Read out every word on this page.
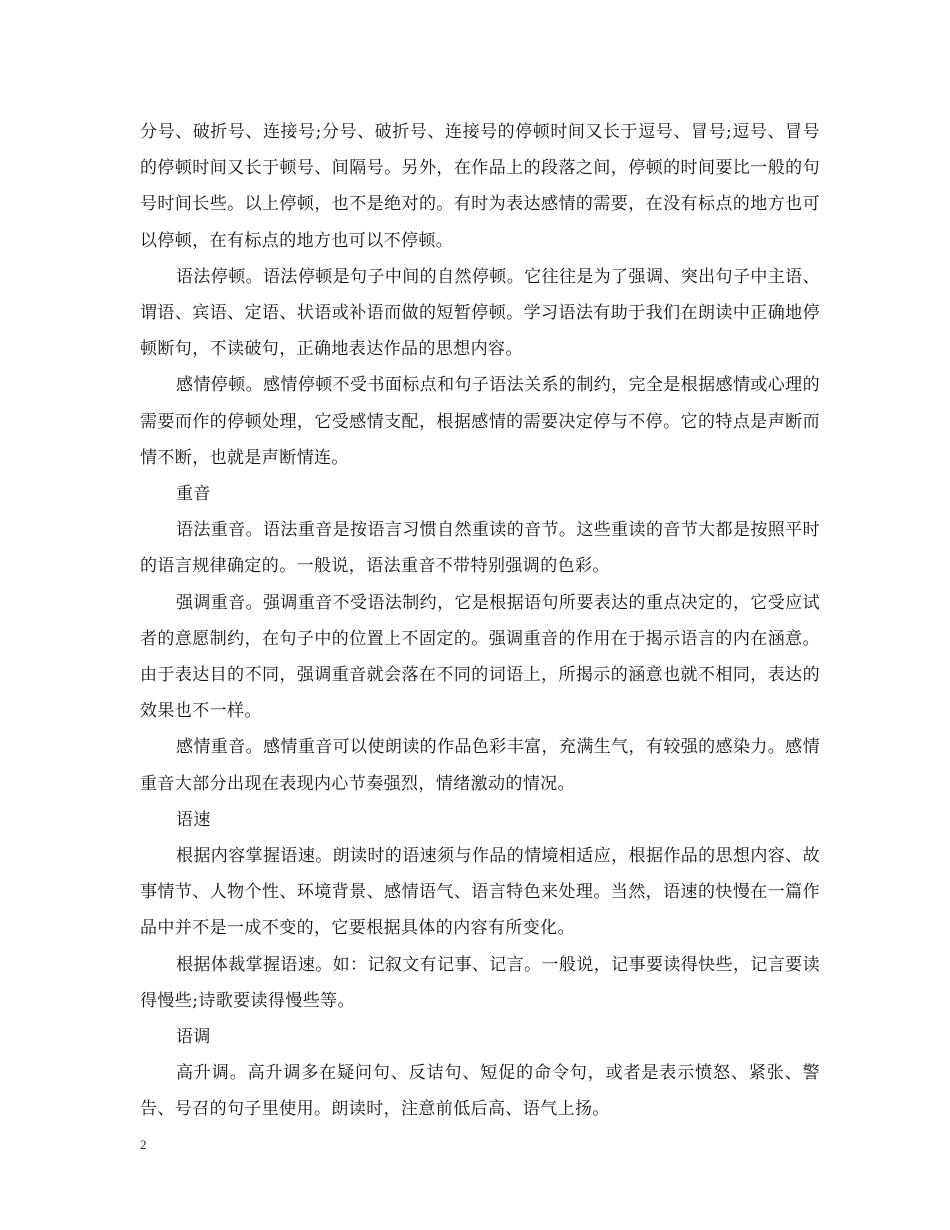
分号、破折号、连接号;分号、破折号、连接号的停顿时间又长于逗号、冒号;逗号、冒号的停顿时间又长于顿号、间隔号。另外，在作品上的段落之间，停顿的时间要比一般的句号时间长些。以上停顿，也不是绝对的。有时为表达感情的需要，在没有标点的地方也可以停顿，在有标点的地方也可以不停顿。

语法停顿。语法停顿是句子中间的自然停顿。它往往是为了强调、突出句子中主语、谓语、宾语、定语、状语或补语而做的短暂停顿。学习语法有助于我们在朗读中正确地停顿断句，不读破句，正确地表达作品的思想内容。

感情停顿。感情停顿不受书面标点和句子语法关系的制约，完全是根据感情或心理的需要而作的停顿处理，它受感情支配，根据感情的需要决定停与不停。它的特点是声断而情不断，也就是声断情连。

重音

语法重音。语法重音是按语言习惯自然重读的音节。这些重读的音节大都是按照平时的语言规律确定的。一般说，语法重音不带特别强调的色彩。

强调重音。强调重音不受语法制约，它是根据语句所要表达的重点决定的，它受应试者的意愿制约，在句子中的位置上不固定的。强调重音的作用在于揭示语言的内在涵意。由于表达目的不同，强调重音就会落在不同的词语上，所揭示的涵意也就不相同，表达的效果也不一样。

感情重音。感情重音可以使朗读的作品色彩丰富，充满生气，有较强的感染力。感情重音大部分出现在表现内心节奏强烈，情绪激动的情况。

语速

根据内容掌握语速。朗读时的语速须与作品的情境相适应，根据作品的思想内容、故事情节、人物个性、环境背景、感情语气、语言特色来处理。当然，语速的快慢在一篇作品中并不是一成不变的，它要根据具体的内容有所变化。

根据体裁掌握语速。如：记叙文有记事、记言。一般说，记事要读得快些，记言要读得慢些;诗歌要读得慢些等。

语调

高升调。高升调多在疑问句、反诘句、短促的命令句，或者是表示愤怒、紧张、警告、号召的句子里使用。朗读时，注意前低后高、语气上扬。

2
